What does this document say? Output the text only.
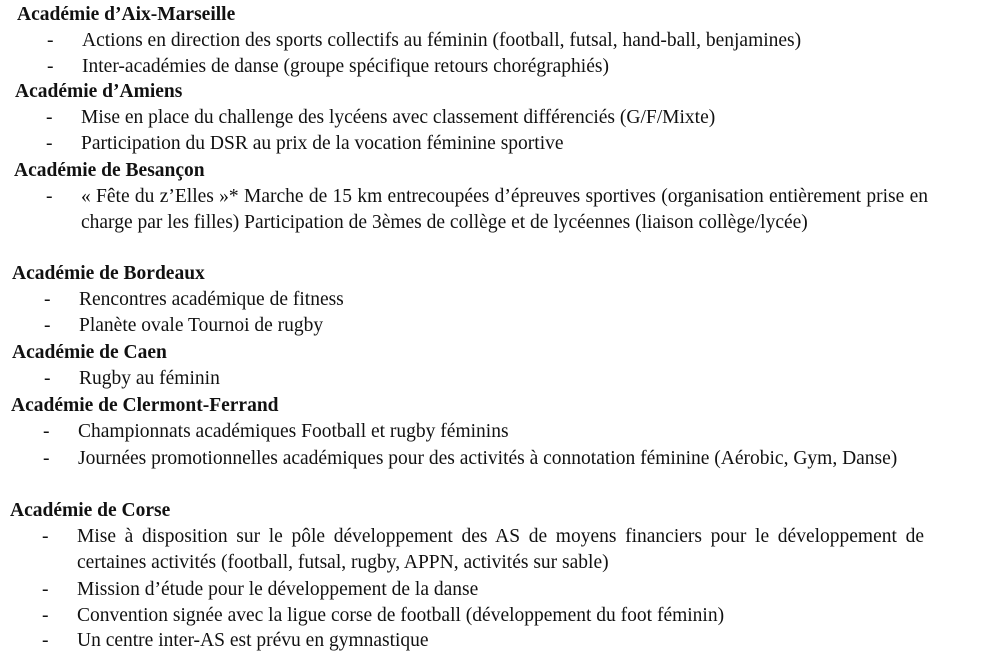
Académie d’Aix-Marseille
- Actions en direction des sports collectifs au féminin (football, futsal, hand-ball, benjamines)
- Inter-académies de danse (groupe spécifique retours chorégraphiés)
Académie d’Amiens
- Mise en place du challenge des lycéens avec classement différenciés (G/F/Mixte)
- Participation du DSR au prix de la vocation féminine sportive
Académie de Besançon
- « Fête du z’Elles »* Marche de 15 km entrecoupées d’épreuves sportives (organisation entièrement prise en charge par les filles) Participation de 3èmes de collège et de lycéennes (liaison collège/lycée)
Académie de Bordeaux
- Rencontres académique de fitness
- Planète ovale Tournoi de rugby
Académie de Caen
- Rugby au féminin
Académie de Clermont-Ferrand
- Championnats académiques Football et rugby féminins
- Journées promotionnelles académiques pour des activités à connotation féminine (Aérobic, Gym, Danse)
Académie de Corse
- Mise à disposition sur le pôle développement des AS de moyens financiers pour le développement de certaines activités (football, futsal, rugby, APPN, activités sur sable)
- Mission d’étude pour le développement de la danse
- Convention signée avec la ligue corse de football (développement du foot féminin)
- Un centre inter-AS est prévu en gymnastique
